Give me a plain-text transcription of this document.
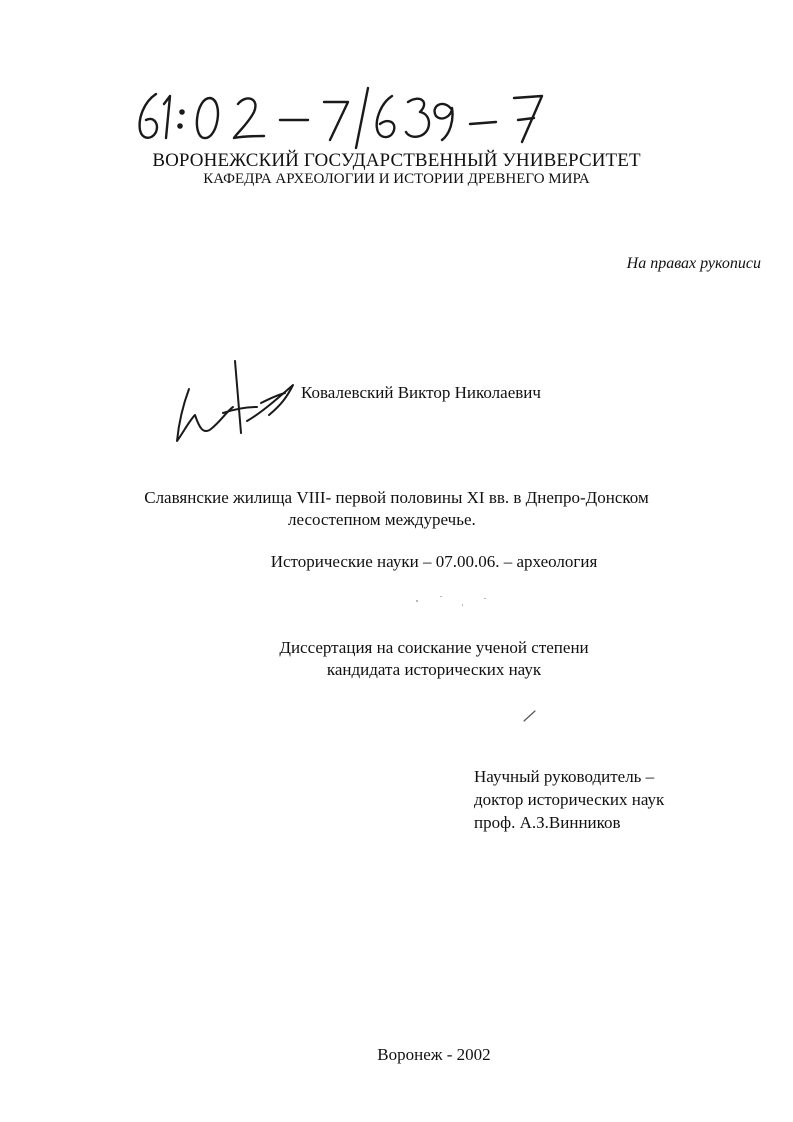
ВОРОНЕЖСКИЙ ГОСУДАРСТВЕННЫЙ УНИВЕРСИТЕТ
КАФЕДРА АРХЕОЛОГИИ И ИСТОРИИ ДРЕВНЕГО МИРА
На правах рукописи
Ковалевский Виктор Николаевич
Славянские жилища VIII- первой половины XI вв. в Днепро-Донском
лесостепном междуречье.
Исторические науки – 07.00.06. – археология
Диссертация на соискание ученой степени
кандидата исторических наук
Научный руководитель –
доктор исторических наук
проф. А.З.Винников
Воронеж - 2002
